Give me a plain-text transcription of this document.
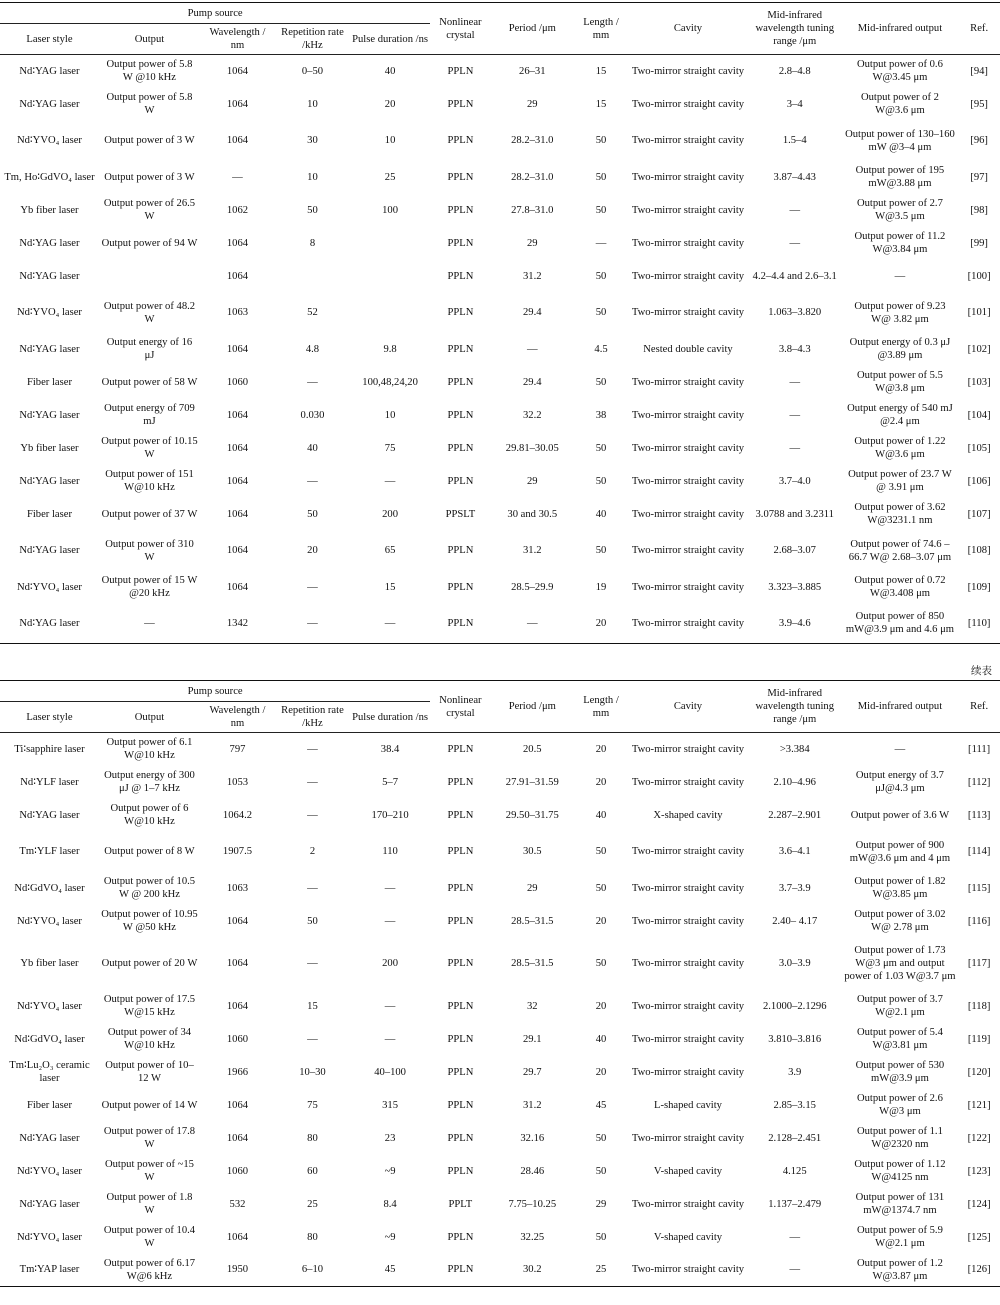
Pump source					Nonlinear crystal	Period /μm	Length / mm	Cavity	Mid-infrared wavelength tuning range /μm	Mid-infrared output	Ref.
Laser style	Output	Wavelength / nm	Repetition rate /kHz	Pulse duration /ns							
Nd∶YAG laser	Output power of 5.8 W @10 kHz	1064	0–50	40	PPLN	26–31	15	Two-mirror straight cavity	2.8–4.8	Output power of 0.6 W@3.45 μm	[94]
Nd∶YAG laser	Output power of 5.8 W	1064	10	20	PPLN	29	15	Two-mirror straight cavity	3–4	Output power of 2 W@3.6 μm	[95]
Nd∶YVO₄ laser	Output power of 3 W	1064	30	10	PPLN	28.2–31.0	50	Two-mirror straight cavity	1.5–4	Output power of 130–160 mW @3–4 μm	[96]
Tm, Ho∶GdVO₄ laser	Output power of 3 W	—	10	25	PPLN	28.2–31.0	50	Two-mirror straight cavity	3.87–4.43	Output power of 195 mW@3.88 μm	[97]
Yb fiber laser	Output power of 26.5 W	1062	50	100	PPLN	27.8–31.0	50	Two-mirror straight cavity	—	Output power of 2.7 W@3.5 μm	[98]
Nd∶YAG laser	Output power of 94 W	1064	8		PPLN	29	—	Two-mirror straight cavity	—	Output power of 11.2 W@3.84 μm	[99]
Nd∶YAG laser		1064			PPLN	31.2	50	Two-mirror straight cavity	4.2–4.4 and 2.6–3.1	—	[100]
Nd∶YVO₄ laser	Output power of 48.2 W	1063	52		PPLN	29.4	50	Two-mirror straight cavity	1.063–3.820	Output power of 9.23 W@ 3.82 μm	[101]
Nd∶YAG laser	Output energy of 16 μJ	1064	4.8	9.8	PPLN	—	4.5	Nested double cavity	3.8–4.3	Output energy of 0.3 μJ @3.89 μm	[102]
Fiber laser	Output power of 58 W	1060	—	100,48,24,20	PPLN	29.4	50	Two-mirror straight cavity	—	Output power of 5.5 W@3.8 μm	[103]
Nd∶YAG laser	Output energy of 709 mJ	1064	0.030	10	PPLN	32.2	38	Two-mirror straight cavity	—	Output energy of 540 mJ @2.4 μm	[104]
Yb fiber laser	Output power of 10.15 W	1064	40	75	PPLN	29.81–30.05	50	Two-mirror straight cavity	—	Output power of 1.22 W@3.6 μm	[105]
Nd∶YAG laser	Output power of 151 W@10 kHz	1064	—	—	PPLN	29	50	Two-mirror straight cavity	3.7–4.0	Output power of 23.7 W @ 3.91 μm	[106]
Fiber laser	Output power of 37 W	1064	50	200	PPSLT	30 and 30.5	40	Two-mirror straight cavity	3.0788 and 3.2311	Output power of 3.62 W@3231.1 nm	[107]
Nd∶YAG laser	Output power of 310 W	1064	20	65	PPLN	31.2	50	Two-mirror straight cavity	2.68–3.07	Output power of 74.6 –66.7 W@ 2.68–3.07 μm	[108]
Nd∶YVO₄ laser	Output power of 15 W @20 kHz	1064	—	15	PPLN	28.5–29.9	19	Two-mirror straight cavity	3.323–3.885	Output power of 0.72 W@3.408 μm	[109]
Nd∶YAG laser	—	1342	—	—	PPLN	—	20	Two-mirror straight cavity	3.9–4.6	Output power of 850 mW@3.9 μm and 4.6 μm	[110]
续表
Pump source					Nonlinear crystal	Period /μm	Length / mm	Cavity	Mid-infrared wavelength tuning range /μm	Mid-infrared output	Ref.
Laser style	Output	Wavelength / nm	Repetition rate /kHz	Pulse duration /ns							
Ti∶sapphire laser	Output power of 6.1 W@10 kHz	797	—	38.4	PPLN	20.5	20	Two-mirror straight cavity	>3.384	—	[111]
Nd∶YLF laser	Output energy of 300 μJ @ 1–7 kHz	1053	—	5–7	PPLN	27.91–31.59	20	Two-mirror straight cavity	2.10–4.96	Output energy of 3.7 μJ@4.3 μm	[112]
Nd∶YAG laser	Output power of 6 W@10 kHz	1064.2	—	170–210	PPLN	29.50–31.75	40	X-shaped cavity	2.287–2.901	Output power of 3.6 W	[113]
Tm∶YLF laser	Output power of 8 W	1907.5	2	110	PPLN	30.5	50	Two-mirror straight cavity	3.6–4.1	Output power of 900 mW@3.6 μm and 4 μm	[114]
Nd∶GdVO₄ laser	Output power of 10.5 W @ 200 kHz	1063	—	—	PPLN	29	50	Two-mirror straight cavity	3.7–3.9	Output power of 1.82 W@3.85 μm	[115]
Nd∶YVO₄ laser	Output power of 10.95 W @50 kHz	1064	50	—	PPLN	28.5–31.5	20	Two-mirror straight cavity	2.40– 4.17	Output power of 3.02 W@ 2.78 μm	[116]
Yb fiber laser	Output power of 20 W	1064	—	200	PPLN	28.5–31.5	50	Two-mirror straight cavity	3.0–3.9	Output power of 1.73 W@3 μm and output power of 1.03 W@3.7 μm	[117]
Nd∶YVO₄ laser	Output power of 17.5 W@15 kHz	1064	15	—	PPLN	32	20	Two-mirror straight cavity	2.1000–2.1296	Output power of 3.7 W@2.1 μm	[118]
Nd∶GdVO₄ laser	Output power of 34 W@10 kHz	1060	—	—	PPLN	29.1	40	Two-mirror straight cavity	3.810–3.816	Output power of 5.4 W@3.81 μm	[119]
Tm∶Lu₂O₃ ceramic laser	Output power of 10–12 W	1966	10–30	40–100	PPLN	29.7	20	Two-mirror straight cavity	3.9	Output power of 530 mW@3.9 μm	[120]
Fiber laser	Output power of 14 W	1064	75	315	PPLN	31.2	45	L-shaped cavity	2.85–3.15	Output power of 2.6 W@3 μm	[121]
Nd∶YAG laser	Output power of 17.8 W	1064	80	23	PPLN	32.16	50	Two-mirror straight cavity	2.128–2.451	Output power of 1.1 W@2320 nm	[122]
Nd∶YVO₄ laser	Output power of ~15 W	1060	60	~9	PPLN	28.46	50	V-shaped cavity	4.125	Output power of 1.12 W@4125 nm	[123]
Nd∶YAG laser	Output power of 1.8 W	532	25	8.4	PPLT	7.75–10.25	29	Two-mirror straight cavity	1.137–2.479	Output power of 131 mW@1374.7 nm	[124]
Nd∶YVO₄ laser	Output power of 10.4 W	1064	80	~9	PPLN	32.25	50	V-shaped cavity	—	Output power of 5.9 W@2.1 μm	[125]
Tm∶YAP laser	Output power of 6.17 W@6 kHz	1950	6–10	45	PPLN	30.2	25	Two-mirror straight cavity	—	Output power of 1.2 W@3.87 μm	[126]
